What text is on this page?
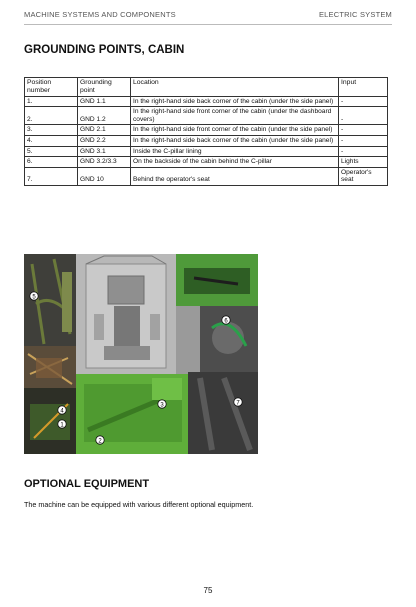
MACHINE SYSTEMS AND COMPONENTS	ELECTRIC SYSTEM
GROUNDING POINTS, CABIN
Position number	Grounding point	Location	Input
1.	GND 1.1	In the right-hand side back corner of the cabin (under the side panel)	-
2.	GND 1.2	In the right-hand side front corner of the cabin (under the dashboard covers)	-
3.	GND 2.1	In the right-hand side front corner of the cabin (under the side panel)	-
4.	GND 2.2	In the right-hand side back corner of the cabin (under the side panel)	-
5.	GND 3.1	Inside the C-pillar lining	-
6.	GND 3.2/3.3	On the backside of the cabin behind the C-pillar	Lights
7.	GND 10	Behind the operator's seat	Operator's seat
5
6
4
1
3
2
7
OPTIONAL EQUIPMENT
The machine can be equipped with various different optional equipment.
75
